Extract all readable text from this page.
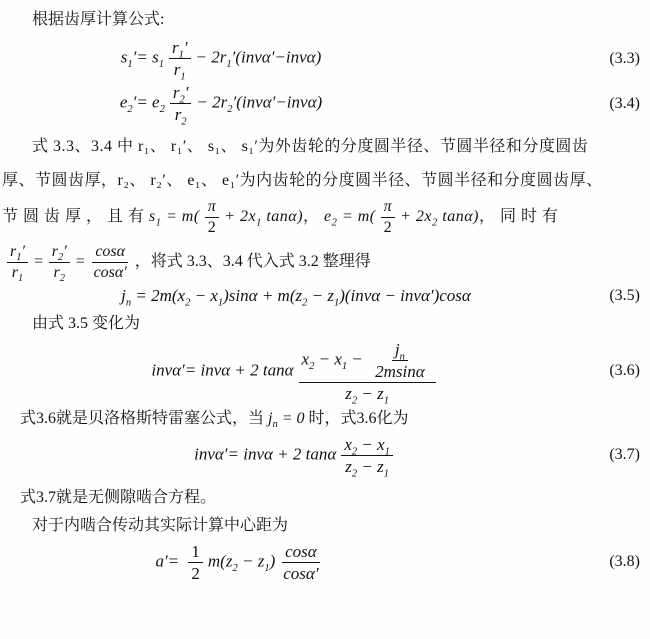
根据齿厚计算公式:

$s_1'= s_1 \frac{r_1'}{r_1} - 2r_1'(inv\alpha'-inv\alpha)$	(3.3)
$e_2'= e_2 \frac{r_2'}{r_2} - 2r_2'(inv\alpha'-inv\alpha)$	(3.4)

式 3.3、3.4 中 r₁、 r₁′、 s₁、 s₁′为外齿轮的分度圆半径、节圆半径和分度圆齿

厚、节圆齿厚，r₂、 r₂′、 e₁、 e₁′为内齿轮的分度圆半径、节圆半径和分度圆齿厚、

节 圆 齿 厚 ， 且 有 $s_1 = m( \frac{\pi}{2} + 2x_1$ tanα)， $e_2 = m( \frac{\pi}{2} + 2x_2$ tanα)， 同 时 有

$\frac{r_1'}{r_1} = \frac{r_2'}{r_2} = \frac{\cos\alpha}{\cos\alpha'}$ ，将式 3.3、3.4 代入式 3.2 整理得

$j_n = 2m(x_2 - x_1)\sin\alpha + m(z_2 - z_1)(inv\alpha - inv\alpha')\cos\alpha$	(3.5)

由式 3.5 变化为

invα′= invα + 2 tanα $\frac{x_2 - x_1 - \frac{j_n}{2msin\alpha}}{z_2 - z_1}$	(3.6)

式3.6就是贝洛格斯特雷塞公式，当 $j_n = 0$ 时，式3.6化为

invα′= invα + 2 tanα $\frac{x_2 - x_1}{z_2 - z_1}$	(3.7)

式3.7就是无侧隙啮合方程。

对于内啮合传动其实际计算中心距为

$a'= \frac{1}{2} m(z_2 - z_1) \frac{\cos\alpha}{\cos\alpha'}$	(3.8)
